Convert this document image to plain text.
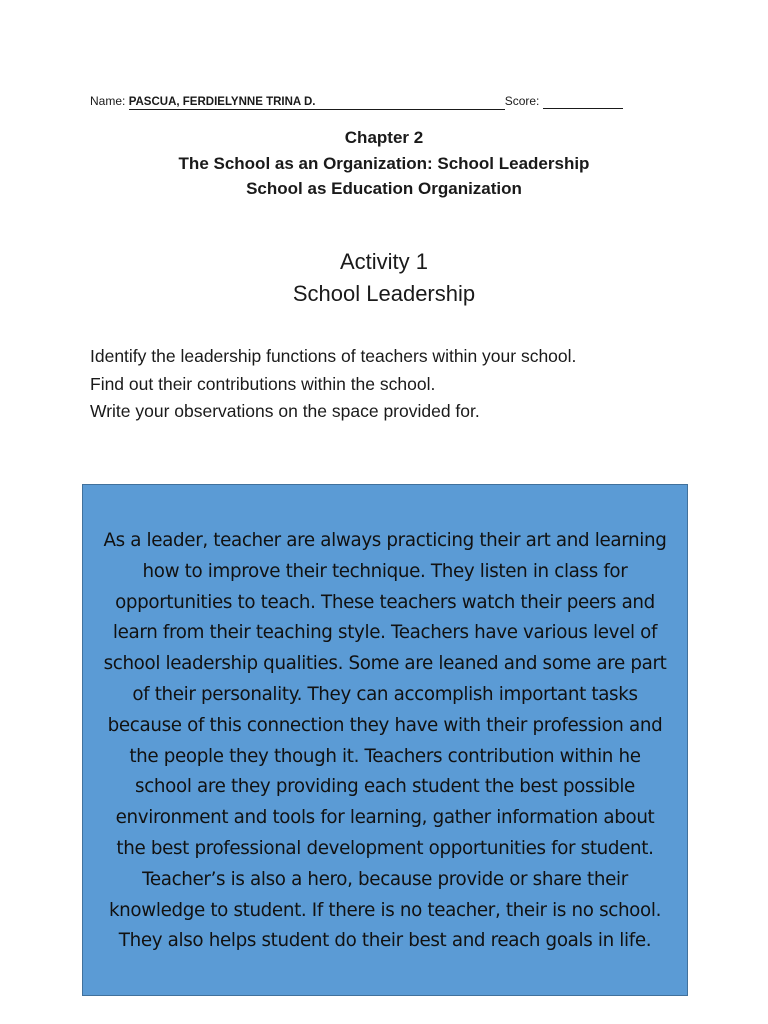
Name: PASCUA, FERDIELYNNE TRINA D.	Score:
Chapter 2
The School as an Organization: School Leadership
School as Education Organization
Activity 1
School Leadership
Identify the leadership functions of teachers within your school.
Find out their contributions within the school.
Write your observations on the space provided for.
As a leader, teacher are always practicing their art and learning
how to improve their technique. They listen in class for
opportunities to teach. These teachers watch their peers and
learn from their teaching style. Teachers have various level of
school leadership qualities. Some are leaned and some are part
of their personality. They can accomplish important tasks
because of this connection they have with their profession and
the people they though it. Teachers contribution within he
school are they providing each student the best possible
environment and tools for learning, gather information about
the best professional development opportunities for student.
Teacher’s is also a hero, because provide or share their
knowledge to student. If there is no teacher, their is no school.
They also helps student do their best and reach goals in life.
